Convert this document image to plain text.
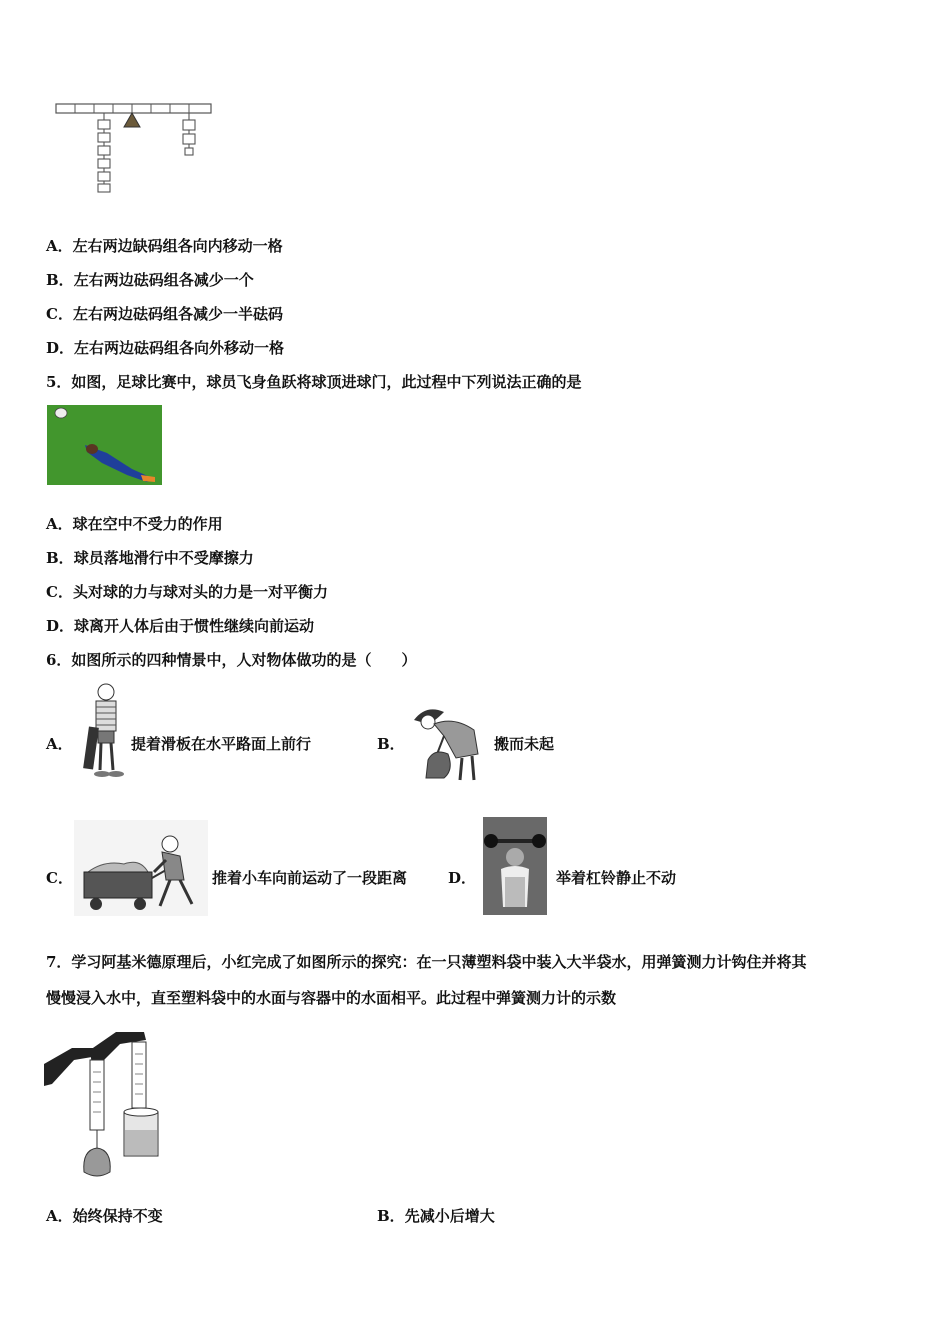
A．左右两边缺码组各向内移动一格
B．左右两边砝码组各减少一个
C．左右两边砝码组各减少一半砝码
D．左右两边砝码组各向外移动一格
5．如图，足球比赛中，球员飞身鱼跃将球顶进球门，此过程中下列说法正确的是
A．球在空中不受力的作用
B．球员落地滑行中不受摩擦力
C．头对球的力与球对头的力是一对平衡力
D．球离开人体后由于惯性继续向前运动
6．如图所示的四种情景中，人对物体做功的是（　　）
A．	提着滑板在水平路面上前行	B．	搬而未起
C．	推着小车向前运动了一段距离	D．	举着杠铃静止不动
7．学习阿基米德原理后，小红完成了如图所示的探究：在一只薄塑料袋中装入大半袋水，用弹簧测力计钩住并将其
慢慢浸入水中，直至塑料袋中的水面与容器中的水面相平。此过程中弹簧测力计的示数
A．始终保持不变	B．先减小后增大
